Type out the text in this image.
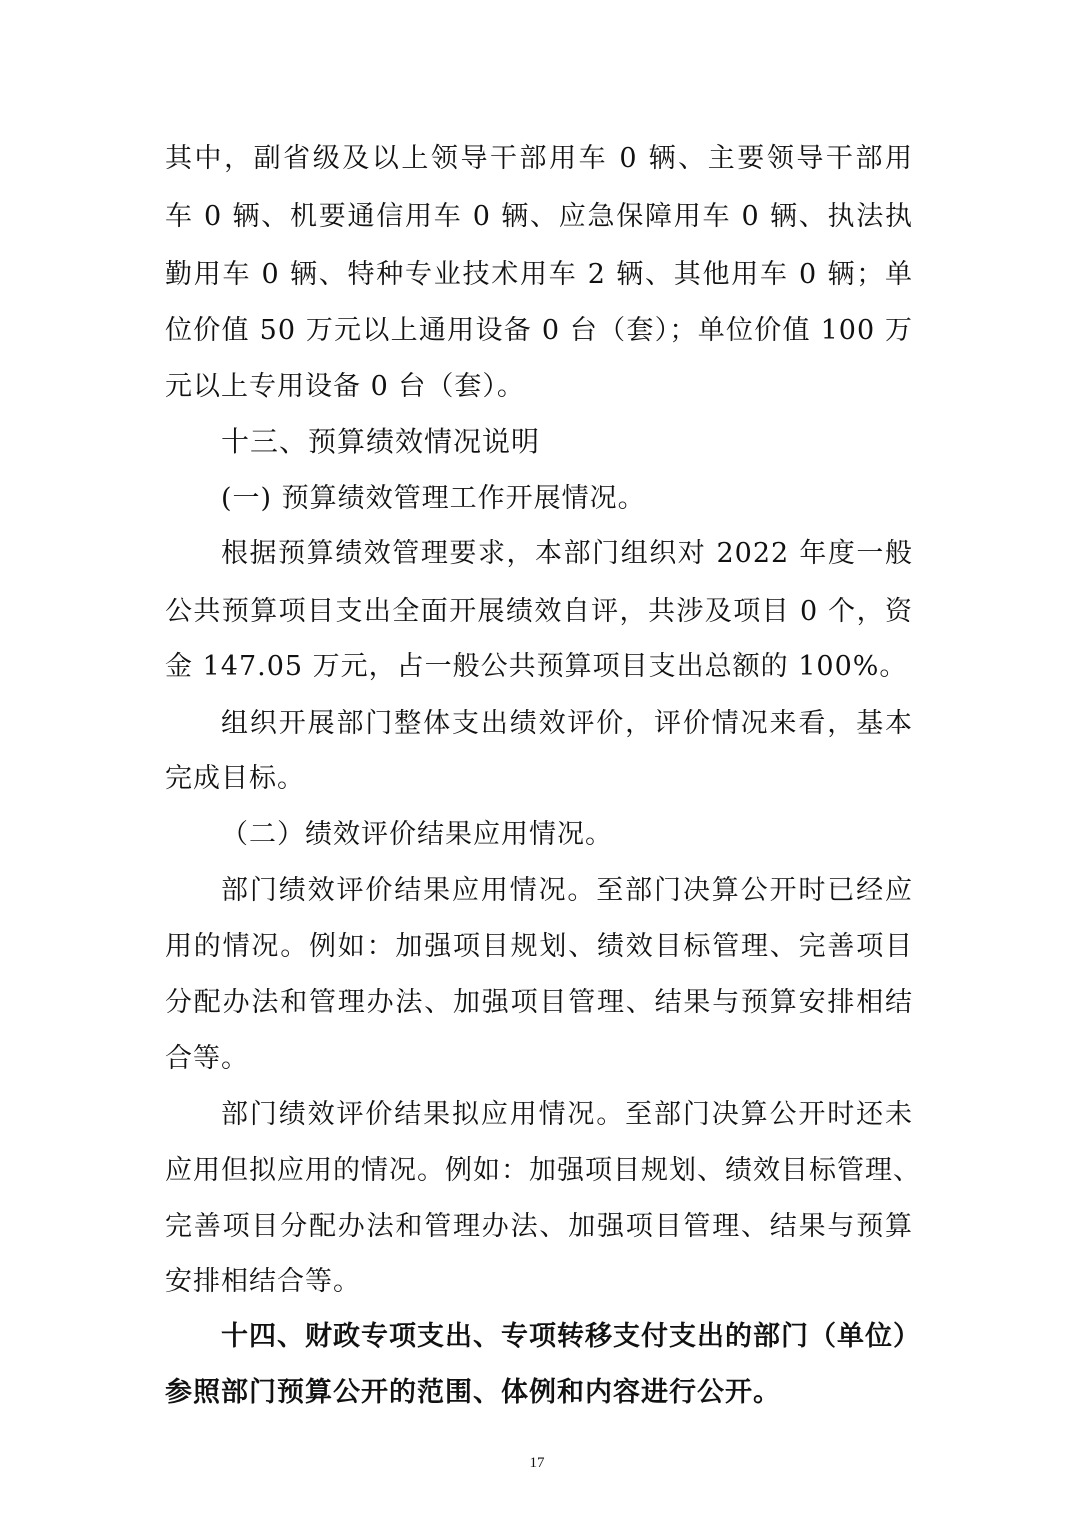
其中，副省级及以上领导干部用车 0 辆、主要领导干部用
车 0 辆、机要通信用车 0 辆、应急保障用车 0 辆、执法执
勤用车 0 辆、特种专业技术用车 2 辆、其他用车 0 辆；单
位价值 50 万元以上通用设备 0 台（套）；单位价值 100 万
元以上专用设备 0 台（套）。
十三、预算绩效情况说明
(一) 预算绩效管理工作开展情况。
根据预算绩效管理要求，本部门组织对 2022 年度一般
公共预算项目支出全面开展绩效自评，共涉及项目 0 个，资
金 147.05 万元，占一般公共预算项目支出总额的 100%。
组织开展部门整体支出绩效评价，评价情况来看，基本
完成目标。
（二）绩效评价结果应用情况。
部门绩效评价结果应用情况。至部门决算公开时已经应
用的情况。例如：加强项目规划、绩效目标管理、完善项目
分配办法和管理办法、加强项目管理、结果与预算安排相结
合等。
部门绩效评价结果拟应用情况。至部门决算公开时还未
应用但拟应用的情况。例如：加强项目规划、绩效目标管理、
完善项目分配办法和管理办法、加强项目管理、结果与预算
安排相结合等。
十四、财政专项支出、专项转移支付支出的部门（单位）
17
参照部门预算公开的范围、体例和内容进行公开。
